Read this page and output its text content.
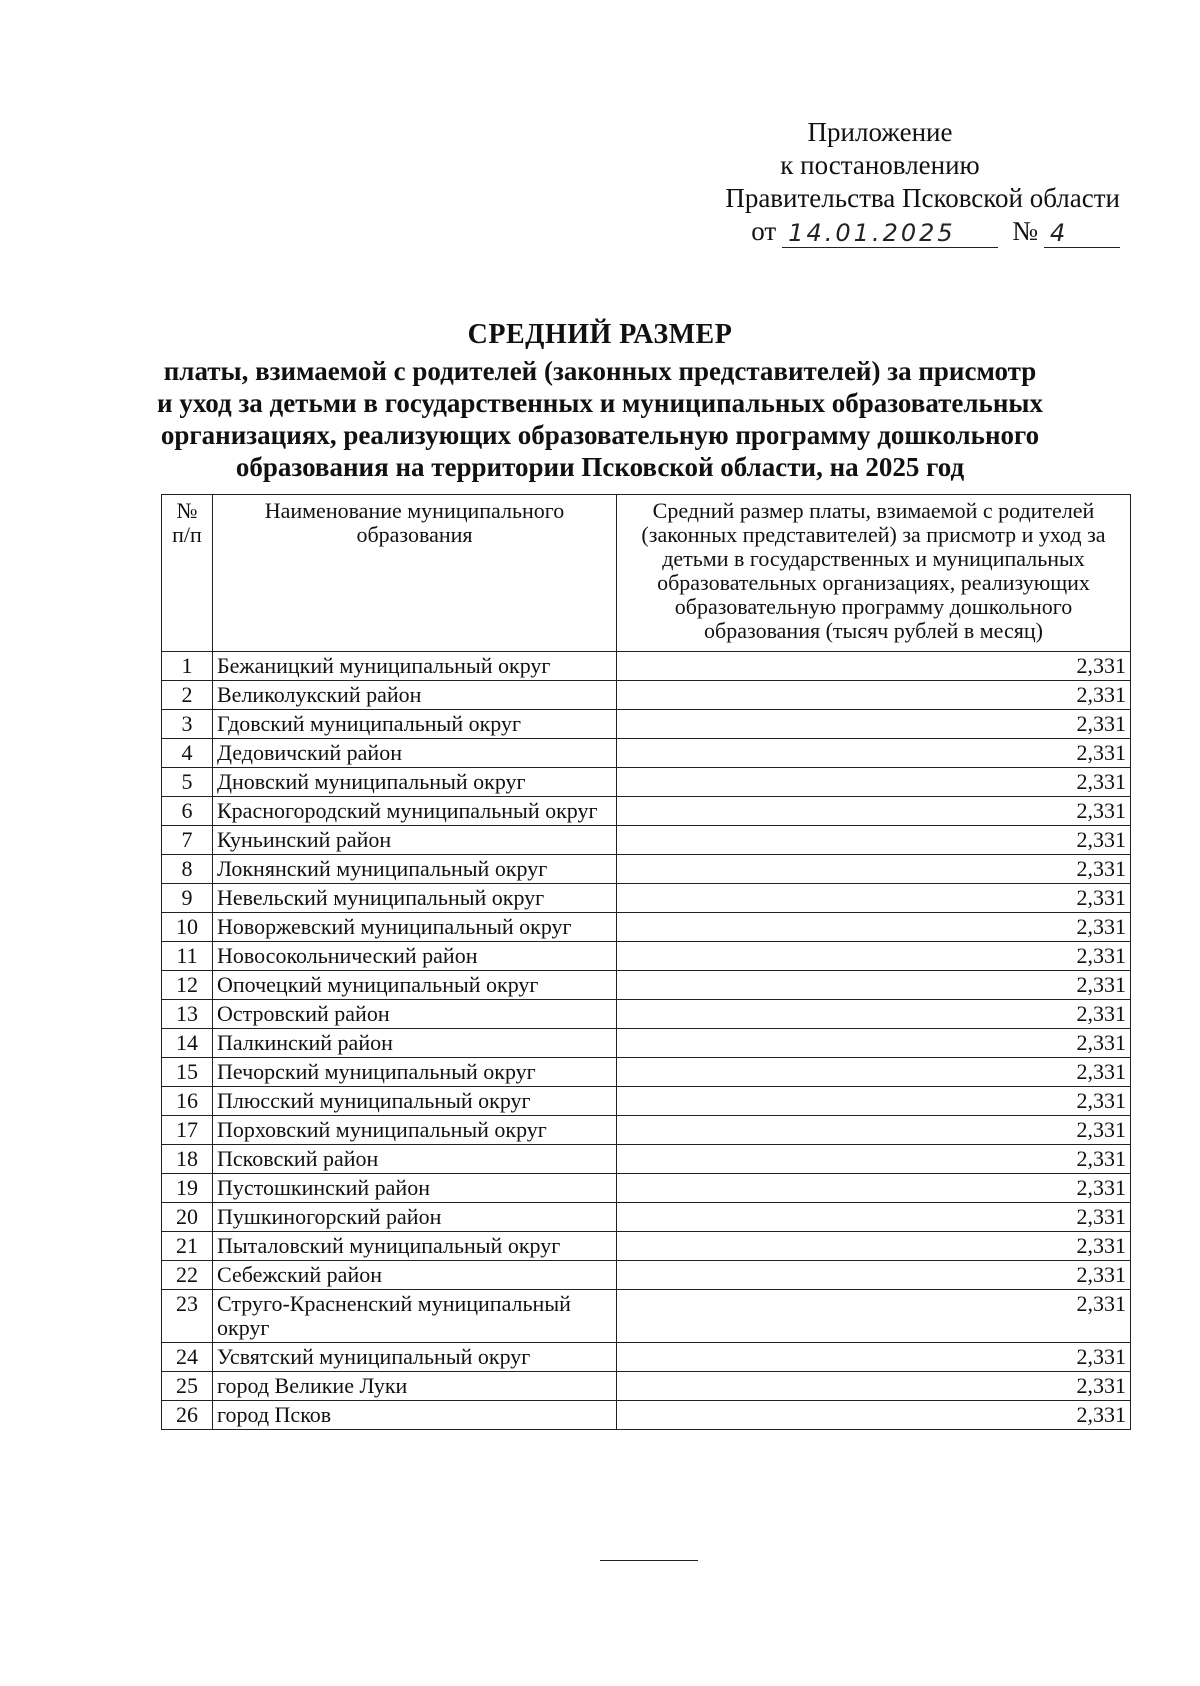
Приложение
к постановлению
Правительства Псковской области
от 14.01.2025	№ 4
СРЕДНИЙ РАЗМЕР
платы, взимаемой с родителей (законных представителей) за присмотр
и уход за детьми в государственных и муниципальных образовательных
организациях, реализующих образовательную программу дошкольного
образования на территории Псковской области, на 2025 год
№ п/п	Наименование муниципального образования	Средний размер платы, взимаемой с родителей (законных представителей) за присмотр и уход за детьми в государственных и муниципальных образовательных организациях, реализующих образовательную программу дошкольного образования (тысяч рублей в месяц)
1	Бежаницкий муниципальный округ	2,331
2	Великолукский район	2,331
3	Гдовский муниципальный округ	2,331
4	Дедовичский район	2,331
5	Дновский муниципальный округ	2,331
6	Красногородский муниципальный округ	2,331
7	Куньинский район	2,331
8	Локнянский муниципальный округ	2,331
9	Невельский муниципальный округ	2,331
10	Новоржевский муниципальный округ	2,331
11	Новосокольнический район	2,331
12	Опочецкий муниципальный округ	2,331
13	Островский район	2,331
14	Палкинский район	2,331
15	Печорский муниципальный округ	2,331
16	Плюсский муниципальный округ	2,331
17	Порховский муниципальный округ	2,331
18	Псковский район	2,331
19	Пустошкинский район	2,331
20	Пушкиногорский район	2,331
21	Пыталовский муниципальный округ	2,331
22	Себежский район	2,331
23	Струго-Красненский муниципальный округ	2,331
24	Усвятский муниципальный округ	2,331
25	город Великие Луки	2,331
26	город Псков	2,331
